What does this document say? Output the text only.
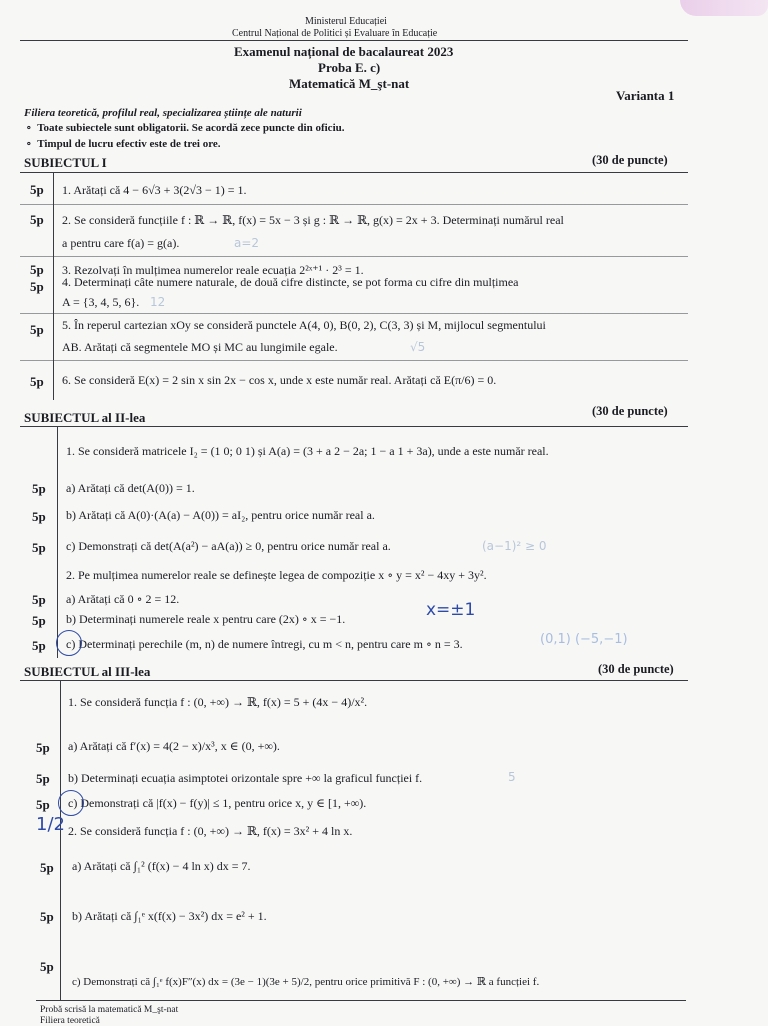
Ministerul Educației
Centrul Național de Politici și Evaluare în Educație
Examenul național de bacalaureat 2023
Proba E. c)
Matematică M_şt-nat
Varianta 1
Filiera teoretică, profilul real, specializarea științe ale naturii
∘  Toate subiectele sunt obligatorii. Se acordă zece puncte din oficiu.
∘  Timpul de lucru efectiv este de trei ore.
SUBIECTUL I	(30 de puncte)
5p 1. Arătați că 4 − 6√3 + 3(2√3 − 1) = 1.
5p 2. Se consideră funcțiile f : ℝ → ℝ, f(x) = 5x − 3 și g : ℝ → ℝ, g(x) = 2x + 3. Determinați numărul real
a pentru care f(a) = g(a).	a=2
5p 3. Rezolvați în mulțimea numerelor reale ecuația 2²ˣ⁺¹ · 2³ = 1.
5p 4. Determinați câte numere naturale, de două cifre distincte, se pot forma cu cifre din mulțimea
A = {3, 4, 5, 6}. 12
5p 5. În reperul cartezian xOy se consideră punctele A(4, 0), B(0, 2), C(3, 3) și M, mijlocul segmentului
AB. Arătați că segmentele MO și MC au lungimile egale.	√5
5p 6. Se consideră E(x) = 2 sin x sin 2x − cos x, unde x este număr real. Arătați că E(π/6) = 0.
SUBIECTUL al II-lea	(30 de puncte)
1. Se consideră matricele I₂ = (1 0; 0 1) și A(a) = (3 + a 2 − 2a; 1 − a 1 + 3a), unde a este număr real.
5p a) Arătați că det(A(0)) = 1.
5p b) Arătați că A(0)·(A(a) − A(0)) = aI₂, pentru orice număr real a.
5p c) Demonstrați că det(A(a²) − aA(a)) ≥ 0, pentru orice număr real a.	(a−1)² ≥ 0
2. Pe mulțimea numerelor reale se definește legea de compoziție x ∘ y = x² − 4xy + 3y².
5p a) Arătați că 0 ∘ 2 = 12.
5p b) Determinați numerele reale x pentru care (2x) ∘ x = −1.	x=±1
5p c) Determinați perechile (m, n) de numere întregi, cu m < n, pentru care m ∘ n = 3.	(0,1) (−5,−1)
SUBIECTUL al III-lea	(30 de puncte)
1. Se consideră funcția f : (0, +∞) → ℝ, f(x) = 5 + (4x − 4)/x².
5p a) Arătați că f′(x) = 4(2 − x)/x³, x ∈ (0, +∞).
5p b) Determinați ecuația asimptotei orizontale spre +∞ la graficul funcției f.	5
5p c) Demonstrați că |f(x) − f(y)| ≤ 1, pentru orice x, y ∈ [1, +∞).
1/2 2. Se consideră funcția f : (0, +∞) → ℝ, f(x) = 3x² + 4 ln x.
5p a) Arătați că ∫₁² (f(x) − 4 ln x) dx = 7.
5p b) Arătați că ∫₁ᵉ x(f(x) − 3x²) dx = e² + 1.
5p
c) Demonstrați că ∫₁ᵉ f(x)F″(x) dx = (3e − 1)(3e + 5)/2, pentru orice primitivă F : (0, +∞) → ℝ a funcției f.
Probă scrisă la matematică M_şt-nat
Filiera teoretică
